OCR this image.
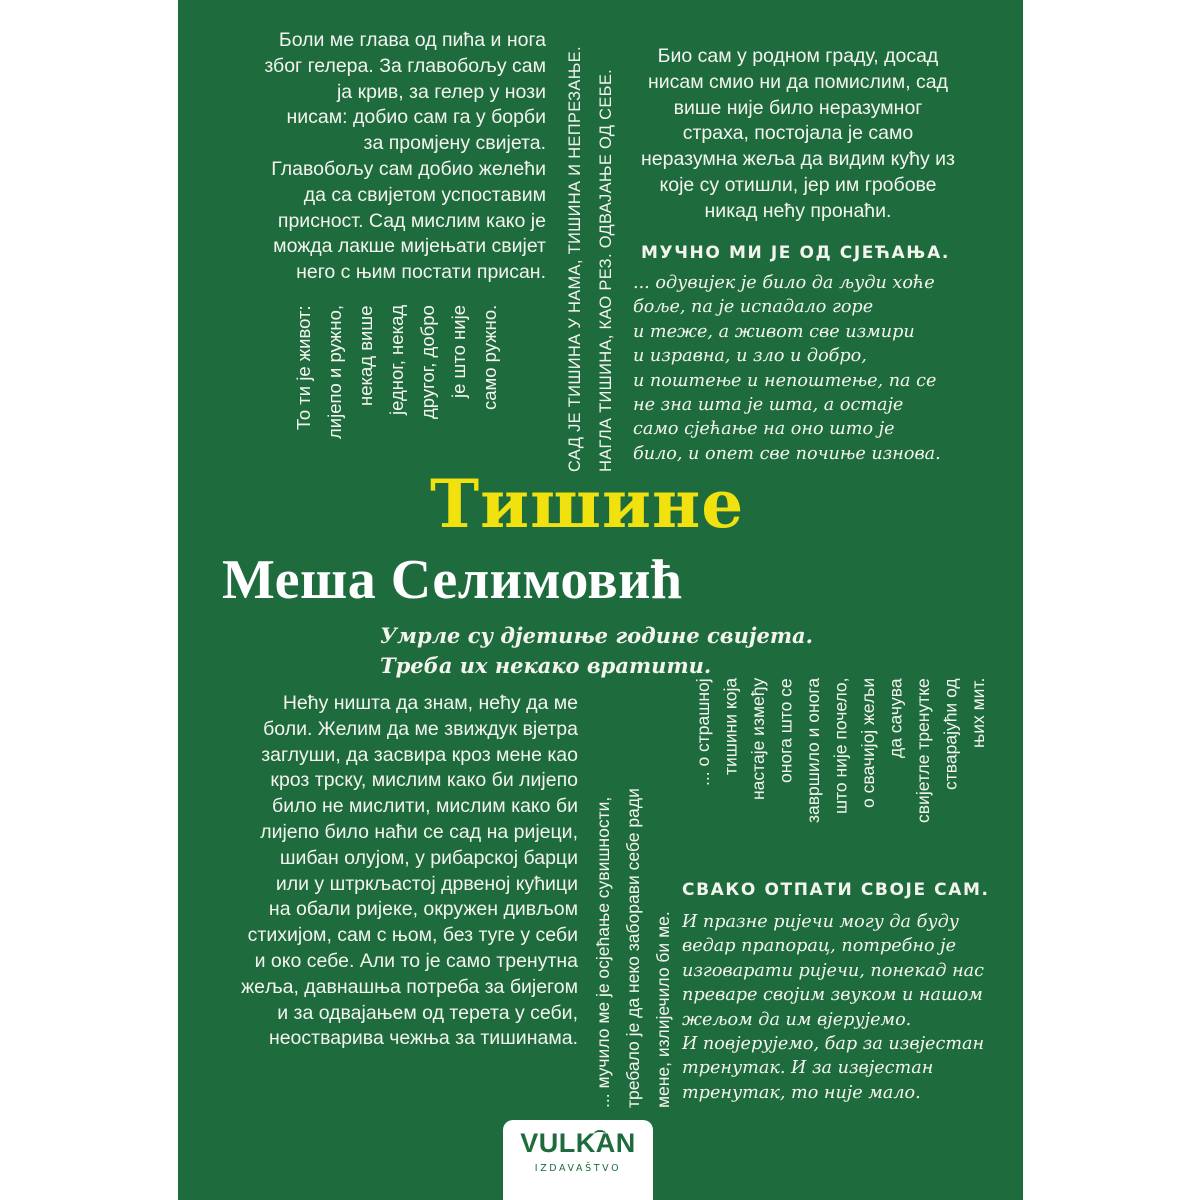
Боли ме глава од пића и нога

због гелера. За главобољу сам

ја крив, за гелер у нози

нисам: добио сам га у борби

за промјену свијета.

Главобољу сам добио желећи

да са свијетом успоставим

присност. Сад мислим како је

можда лакше мијењати свијет

него с њим постати присан.

То ти је живот: лијепо и ружно, некад више једног, некад другог, добро је што није само ружно.	САД ЈЕ ТИШИНА У НАМА, ТИШИНА И НЕПРЕЗАЊЕ. НАГЛА ТИШИНА, КАО РЕЗ. ОДВАЈАЊЕ ОД СЕБЕ.

Био сам у родном граду, досад

нисам смио ни да помислим, сад

више није било неразумног

страха, постојала је само

неразумна жеља да видим кућу из

које су отишли, јер им гробове

никад нећу пронаћи.

МУЧНО МИ ЈЕ ОД СЈЕЋАЊА.

... одувијек је било да људи хоће

боље, па је испадало горе

и теже, а живот све измири

и изравна, и зло и добро,

и поштење и непоштење, па се

не зна шта је шта, а остаје

само сјећање на оно што је

било, и опет све почиње изнова.

Тишине
Меша Селимовић
Умрле су дјетиње године свијета.
Треба их некако вратити.

Нећу ништа да знам, нећу да ме

боли. Желим да ме звиждук вјетра

заглуши, да засвира кроз мене као

кроз трску, мислим како би лијепо

било не мислити, мислим како би

лијепо било наћи се сад на ријеци,

шибан олујом, у рибарској барци

или у штркљастој дрвеној кућици

на обали ријеке, окружен дивљом

стихијом, сам с њом, без туге у себи

и око себе. Али то је само тренутна

жеља, давнашња потреба за бијегом

и за одвајањем од терета у себи,

неостварива чежња за тишинама. ... мучило ме је осјећање сувишности, требало је да неко заборави себе ради мене, излијечило би ме.
... о страшној тишини која настаје између онога што се завршило и онога што није почело, о свачијој жељи да сачува свијетле тренутке стварајући од њих мит.
СВАКО ОТПАТИ СВОЈЕ САМ.

И празне ријечи могу да буду

ведар прапорац, потребно је

изговарати ријечи, понекад нас

преваре својим звуком и нашом

жељом да им вјерујемо.

И повјерујемо, бар за извјестан

тренутак. И за извјестан

тренутак, то није мало.

VULKAN
IZDAVAŠTVO
